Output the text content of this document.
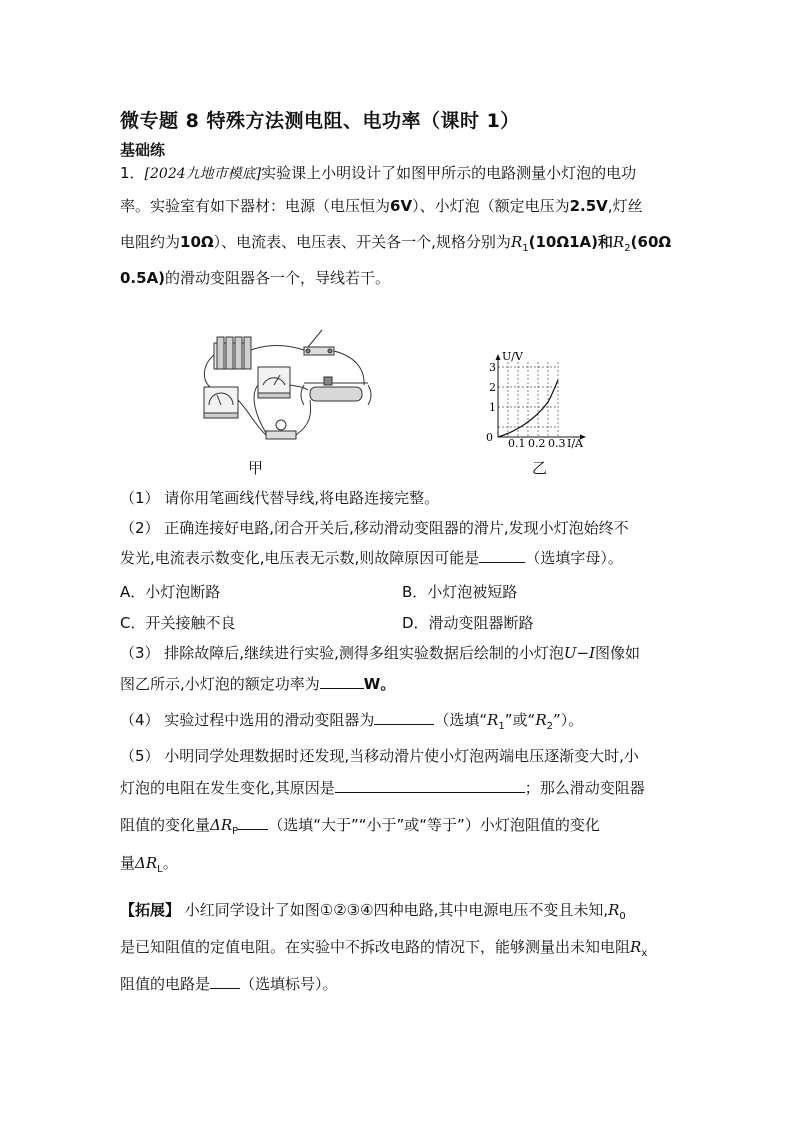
微专题 8 特殊方法测电阻、电功率（课时 1）
基础练
1．[2024九地市模底]实验课上小明设计了如图甲所示的电路测量小灯泡的电功
率。实验室有如下器材：电源（电压恒为6V）、小灯泡（额定电压为2.5V,灯丝
电阻约为10Ω）、电流表、电压表、开关各一个,规格分别为$R_1(10\Omega 1A)$和$R_2(60\Omega$
0.5A)的滑动变阻器各一个，导线若干。
甲
U/V
I/A
0
1
2
3
0.1 0.2 0.3
乙
（1） 请你用笔画线代替导线,将电路连接完整。
（2） 正确连接好电路,闭合开关后,移动滑动变阻器的滑片,发现小灯泡始终不
发光,电流表示数变化,电压表无示数,则故障原因可能是	（选填字母）。
A．小灯泡断路	B．小灯泡被短路
C．开关接触不良	D．滑动变阻器断路
（3） 排除故障后,继续进行实验,测得多组实验数据后绘制的小灯泡U−I图像如
图乙所示,小灯泡的额定功率为	W。
（4） 实验过程中选用的滑动变阻器为	（选填“$R_1$”或“$R_2$”）。
（5） 小明同学处理数据时还发现,当移动滑片使小灯泡两端电压逐渐变大时,小
灯泡的电阻在发生变化,其原因是	；那么滑动变阻器
阻值的变化量$\Delta R_P$ （选填“大于”“小于”或“等于”）小灯泡阻值的变化
量$\Delta R_L$。
【拓展】 小红同学设计了如图①②③④四种电路,其中电源电压不变且未知$,R_0$
是已知阻值的定值电阻。在实验中不拆改电路的情况下，能够测量出未知电阻$R_x$
阻值的电路是 （选填标号）。
